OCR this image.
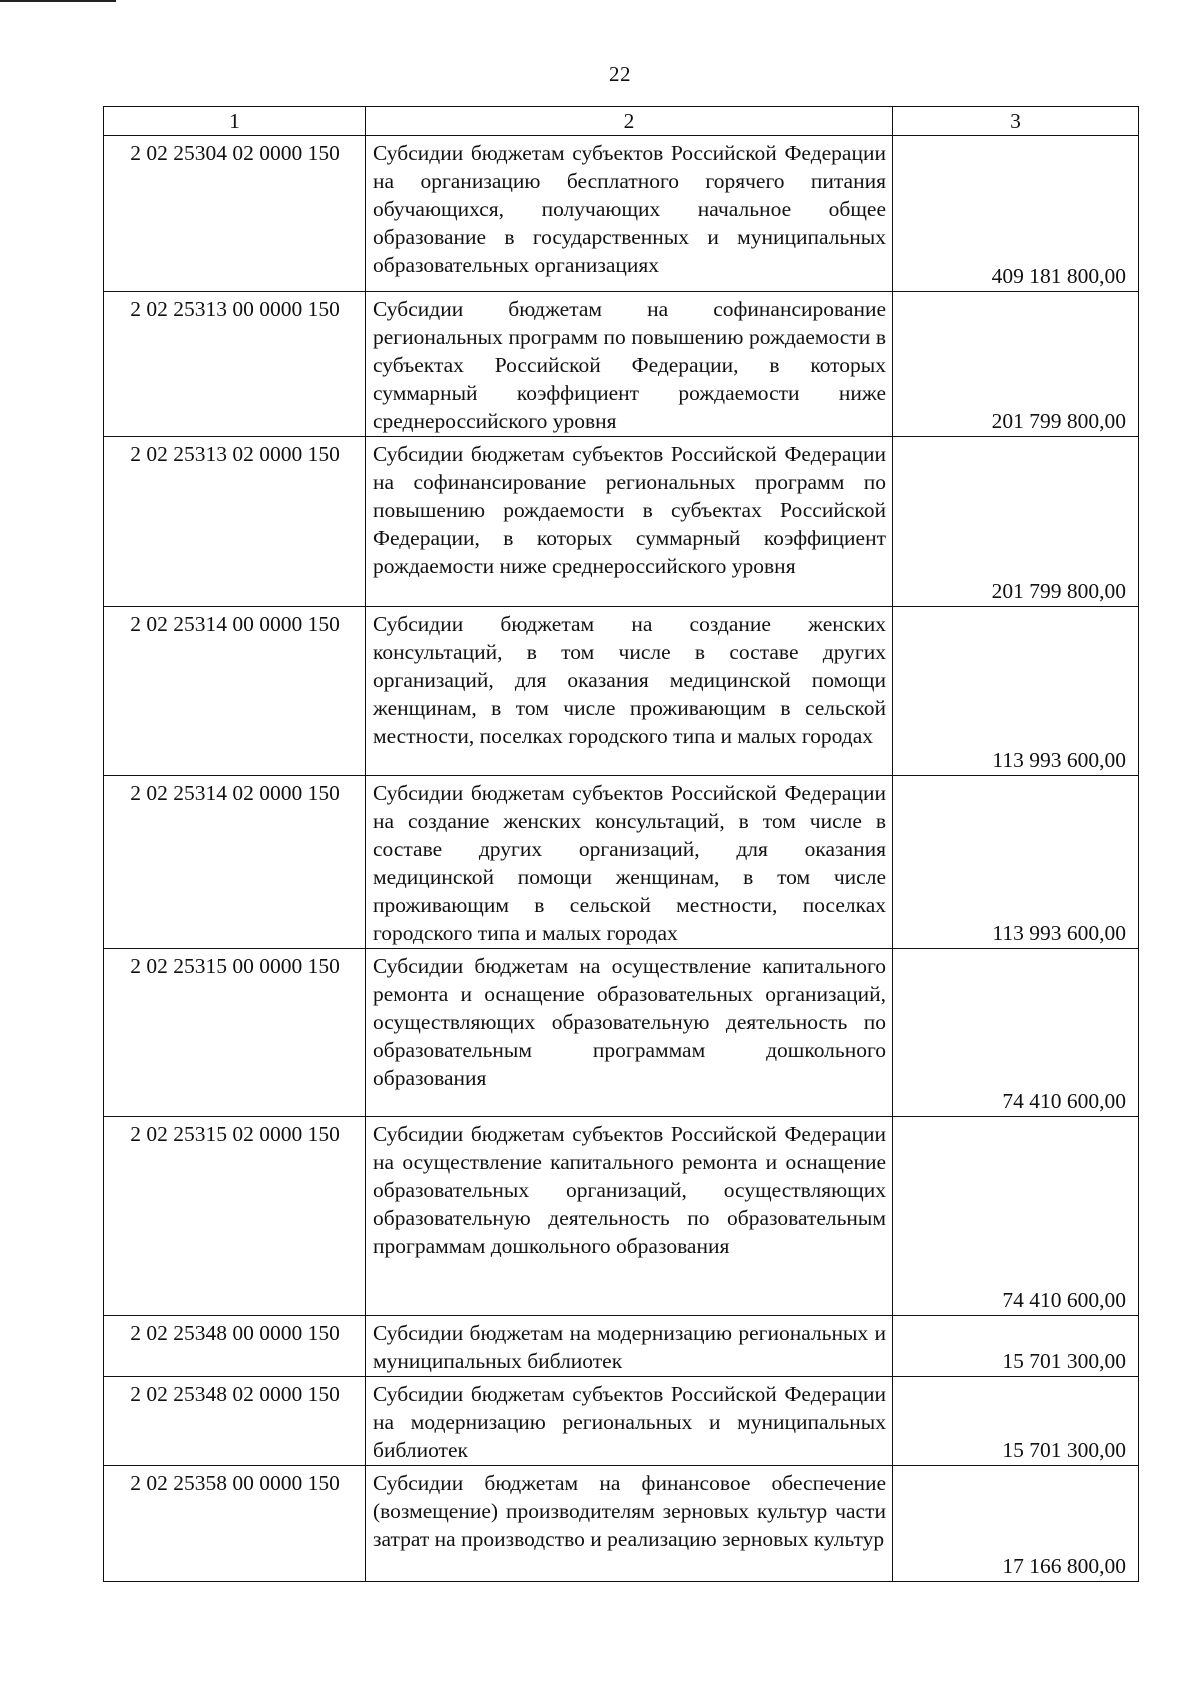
22
1	2	3
2 02 25304 02 0000 150	Субсидии бюджетам субъектов Российской Федерации на организацию бесплатного горячего питания обучающихся, получающих начальное общее образование в государственных и муниципальных образовательных организациях	409 181 800,00
2 02 25313 00 0000 150	Субсидии бюджетам на софинансирование региональных программ по повышению рождаемости в субъектах Российской Федерации, в которых суммарный коэффициент рождаемости ниже среднероссийского уровня	201 799 800,00
2 02 25313 02 0000 150	Субсидии бюджетам субъектов Российской Федерации на софинансирование региональных программ по повышению рождаемости в субъектах Российской Федерации, в которых суммарный коэффициент рождаемости ниже среднероссийского уровня	201 799 800,00
2 02 25314 00 0000 150	Субсидии бюджетам на создание женских консультаций, в том числе в составе других организаций, для оказания медицинской помощи женщинам, в том числе проживающим в сельской местности, поселках городского типа и малых городах	113 993 600,00
2 02 25314 02 0000 150	Субсидии бюджетам субъектов Российской Федерации на создание женских консультаций, в том числе в составе других организаций, для оказания медицинской помощи женщинам, в том числе проживающим в сельской местности, поселках городского типа и малых городах	113 993 600,00
2 02 25315 00 0000 150	Субсидии бюджетам на осуществление капитального ремонта и оснащение образовательных организаций, осуществляющих образовательную деятельность по образовательным программам дошкольного образования	74 410 600,00
2 02 25315 02 0000 150	Субсидии бюджетам субъектов Российской Федерации на осуществление капитального ремонта и оснащение образовательных организаций, осуществляющих образовательную деятельность по образовательным программам дошкольного образования	74 410 600,00
2 02 25348 00 0000 150	Субсидии бюджетам на модернизацию региональных и муниципальных библиотек	15 701 300,00
2 02 25348 02 0000 150	Субсидии бюджетам субъектов Российской Федерации на модернизацию региональных и муниципальных библиотек	15 701 300,00
2 02 25358 00 0000 150	Субсидии бюджетам на финансовое обеспечение (возмещение) производителям зерновых культур части затрат на производство и реализацию зерновых культур	17 166 800,00
